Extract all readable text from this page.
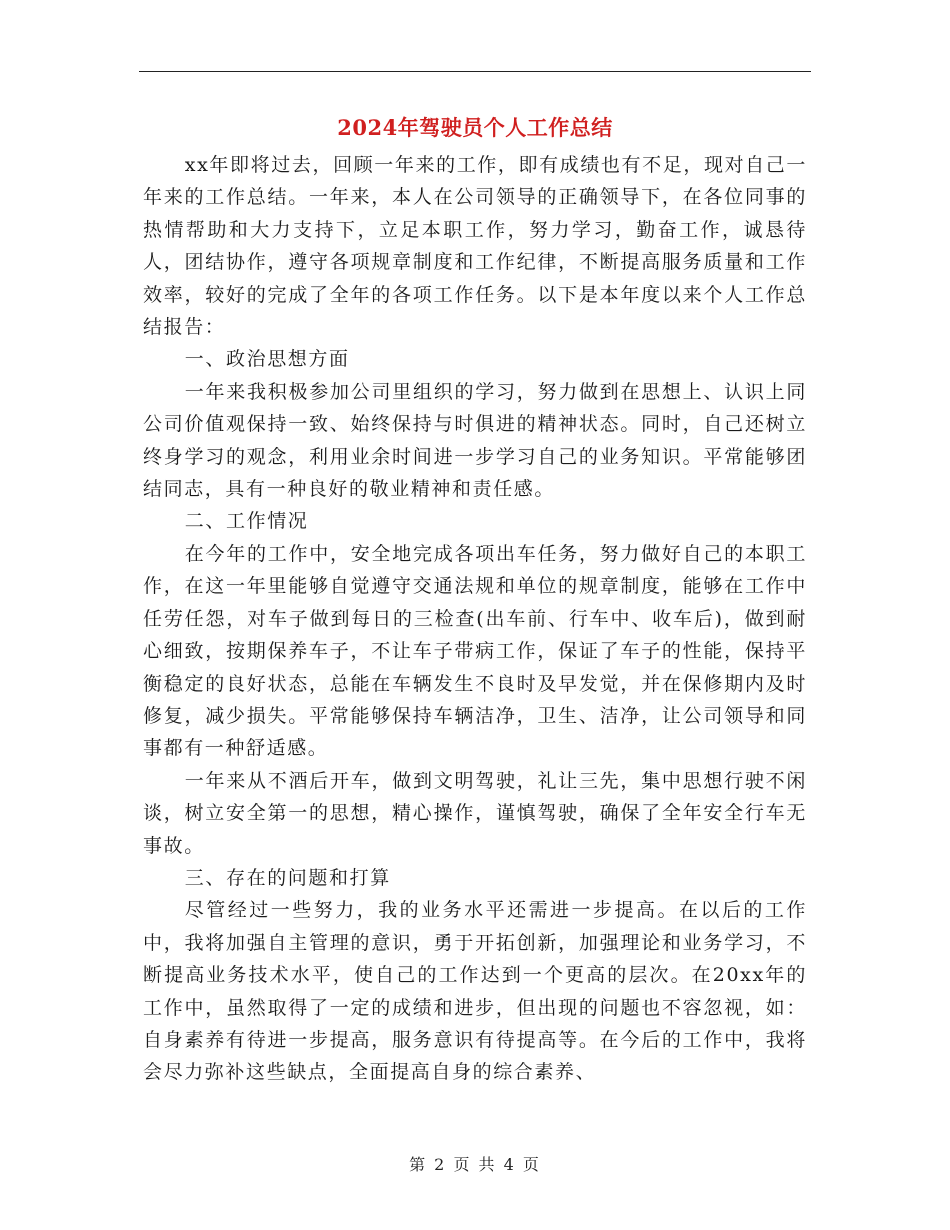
2024年驾驶员个人工作总结

xx年即将过去，回顾一年来的工作，即有成绩也有不足，现对自己一年来的工作总结。一年来，本人在公司领导的正确领导下，在各位同事的热情帮助和大力支持下，立足本职工作，努力学习，勤奋工作，诚恳待人，团结协作，遵守各项规章制度和工作纪律，不断提高服务质量和工作效率，较好的完成了全年的各项工作任务。以下是本年度以来个人工作总结报告：

一、政治思想方面

一年来我积极参加公司里组织的学习，努力做到在思想上、认识上同公司价值观保持一致、始终保持与时俱进的精神状态。同时，自己还树立终身学习的观念，利用业余时间进一步学习自己的业务知识。平常能够团结同志，具有一种良好的敬业精神和责任感。

二、工作情况

在今年的工作中，安全地完成各项出车任务，努力做好自己的本职工作，在这一年里能够自觉遵守交通法规和单位的规章制度，能够在工作中任劳任怨，对车子做到每日的三检查(出车前、行车中、收车后)，做到耐心细致，按期保养车子，不让车子带病工作，保证了车子的性能，保持平衡稳定的良好状态，总能在车辆发生不良时及早发觉，并在保修期内及时修复，减少损失。平常能够保持车辆洁净，卫生、洁净，让公司领导和同事都有一种舒适感。

一年来从不酒后开车，做到文明驾驶，礼让三先，集中思想行驶不闲谈，树立安全第一的思想，精心操作，谨慎驾驶，确保了全年安全行车无事故。

三、存在的问题和打算

尽管经过一些努力，我的业务水平还需进一步提高。在以后的工作中，我将加强自主管理的意识，勇于开拓创新，加强理论和业务学习，不断提高业务技术水平，使自己的工作达到一个更高的层次。在20xx年的工作中，虽然取得了一定的成绩和进步，但出现的问题也不容忽视，如：自身素养有待进一步提高，服务意识有待提高等。在今后的工作中，我将会尽力弥补这些缺点，全面提高自身的综合素养、

第 2 页 共 4 页
